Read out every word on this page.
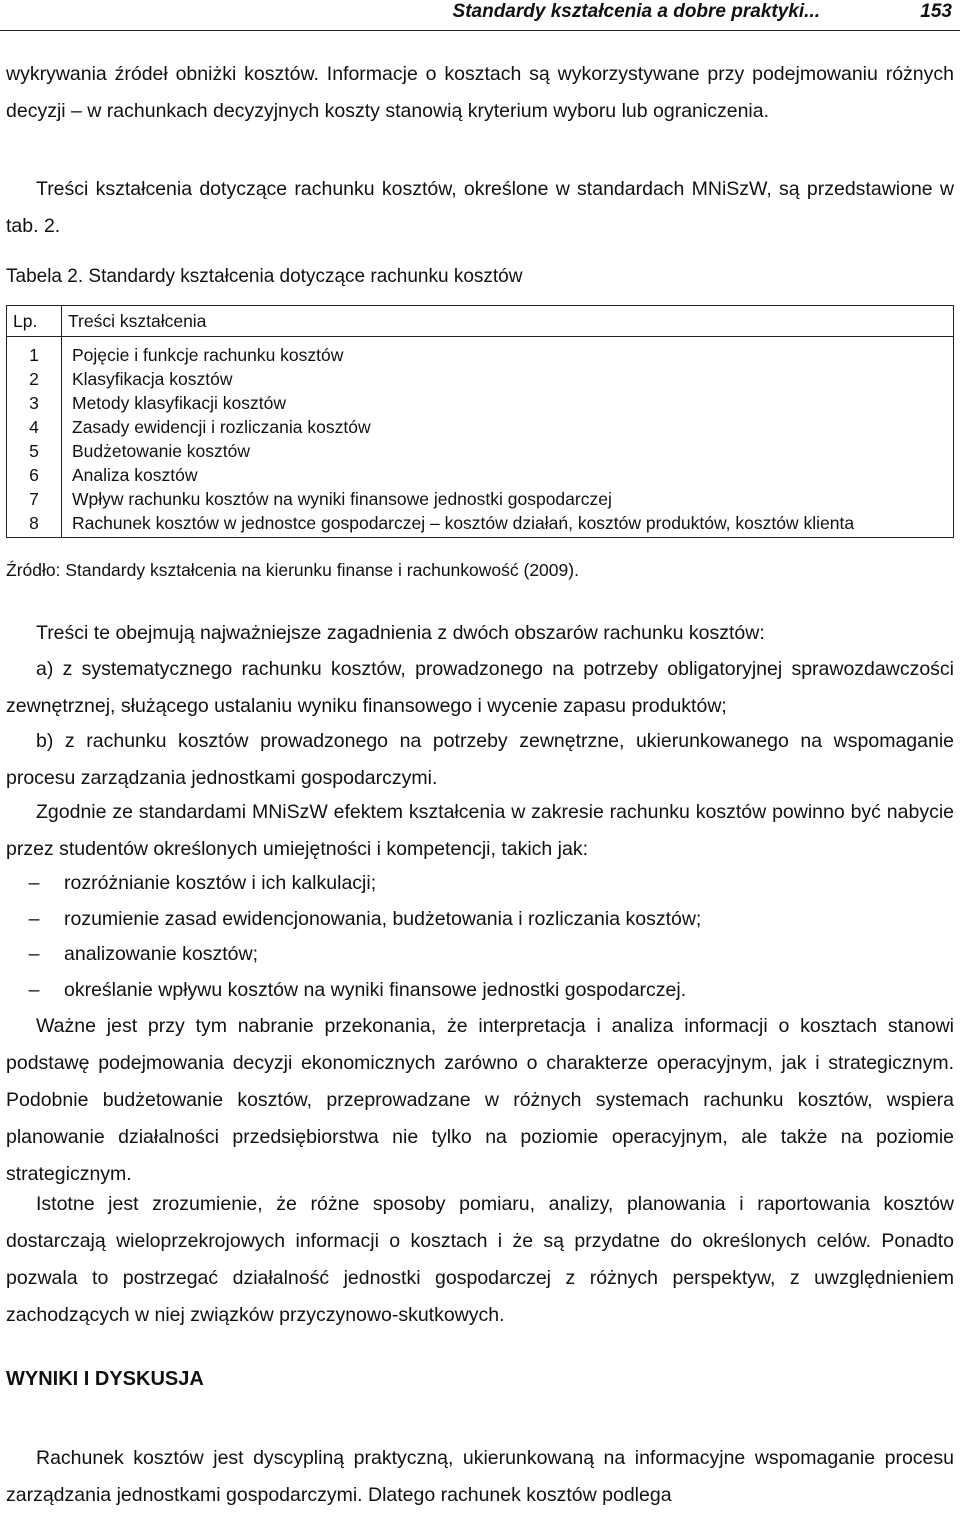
Standardy kształcenia a dobre praktyki...	153

wykrywania źródeł obniżki kosztów. Informacje o kosztach są wykorzystywane przy podejmowaniu różnych decyzji – w rachunkach decyzyjnych koszty stanowią kryterium wyboru lub ograniczenia.

Treści kształcenia dotyczące rachunku kosztów, określone w standardach MNiSzW, są przedstawione w tab. 2.

Tabela 2. Standardy kształcenia dotyczące rachunku kosztów
Lp.	Treści kształcenia
1	Pojęcie i funkcje rachunku kosztów
2	Klasyfikacja kosztów
3	Metody klasyfikacji kosztów
4	Zasady ewidencji i rozliczania kosztów
5	Budżetowanie kosztów
6	Analiza kosztów
7	Wpływ rachunku kosztów na wyniki finansowe jednostki gospodarczej
8	Rachunek kosztów w jednostce gospodarczej – kosztów działań, kosztów produktów, kosztów klienta
Źródło: Standardy kształcenia na kierunku finanse i rachunkowość (2009).

Treści te obejmują najważniejsze zagadnienia z dwóch obszarów rachunku kosztów:

a) z systematycznego rachunku kosztów, prowadzonego na potrzeby obligatoryjnej sprawozdawczości zewnętrznej, służącego ustalaniu wyniku finansowego i wycenie zapasu produktów;

b) z rachunku kosztów prowadzonego na potrzeby zewnętrzne, ukierunkowanego na wspomaganie procesu zarządzania jednostkami gospodarczymi.

Zgodnie ze standardami MNiSzW efektem kształcenia w zakresie rachunku kosztów powinno być nabycie przez studentów określonych umiejętności i kompetencji, takich jak:

– rozróżnianie kosztów i ich kalkulacji;
– rozumienie zasad ewidencjonowania, budżetowania i rozliczania kosztów;
– analizowanie kosztów;
– określanie wpływu kosztów na wyniki finansowe jednostki gospodarczej.

Ważne jest przy tym nabranie przekonania, że interpretacja i analiza informacji o kosztach stanowi podstawę podejmowania decyzji ekonomicznych zarówno o charakterze operacyjnym, jak i strategicznym. Podobnie budżetowanie kosztów, przeprowadzane w różnych systemach rachunku kosztów, wspiera planowanie działalności przedsiębiorstwa nie tylko na poziomie operacyjnym, ale także na poziomie strategicznym.

Istotne jest zrozumienie, że różne sposoby pomiaru, analizy, planowania i raportowania kosztów dostarczają wieloprzekrojowych informacji o kosztach i że są przydatne do określonych celów. Ponadto pozwala to postrzegać działalność jednostki gospodarczej z różnych perspektyw, z uwzględnieniem zachodzących w niej związków przyczynowo-skutkowych.

WYNIKI I DYSKUSJA

Rachunek kosztów jest dyscypliną praktyczną, ukierunkowaną na informacyjne wspomaganie procesu zarządzania jednostkami gospodarczymi. Dlatego rachunek kosztów podlega
